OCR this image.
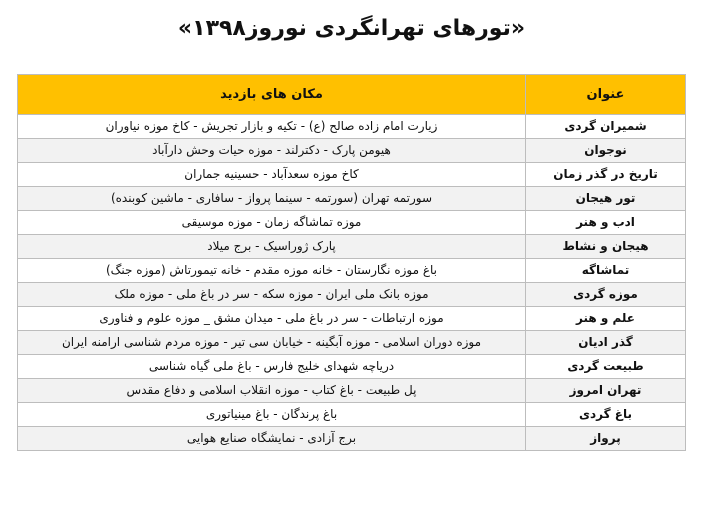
«تورهای تهرانگردی نوروز۱۳۹۸»
عنوان	مکان های بازدید
شمیران گردی	زیارت امام زاده صالح (ع) - تکیه و بازار تجریش - کاخ موزه نیاوران
نوجوان	هیومن پارک - دکترلند - موزه حیات وحش دارآباد
تاریخ در گذر زمان	کاخ موزه سعدآباد - حسینیه جماران
تور هیجان	سورتمه تهران (سورتمه - سینما پرواز - سافاری - ماشین کوبنده)
ادب و هنر	موزه تماشاگه زمان - موزه موسیقی
هیجان و نشاط	پارک ژوراسیک - برج میلاد
تماشاگه	باغ موزه نگارستان - خانه موزه مقدم - خانه تیمورتاش (موزه جنگ)
موزه گردی	موزه بانک ملی ایران - موزه سکه - سر در باغ ملی - موزه ملک
علم و هنر	موزه ارتباطات - سر در باغ ملی - میدان مشق _ موزه علوم و فناوری
گذر ادیان	موزه دوران اسلامی - موزه آبگینه - خیابان سی تیر - موزه مردم شناسی ارامنه ایران
طبیعت گردی	دریاچه شهدای خلیج فارس - باغ ملی گیاه شناسی
تهران امروز	پل طبیعت - باغ کتاب - موزه انقلاب اسلامی و دفاع مقدس
باغ گردی	باغ پرندگان - باغ مینیاتوری
پرواز	برج آزادی - نمایشگاه صنایع هوایی
